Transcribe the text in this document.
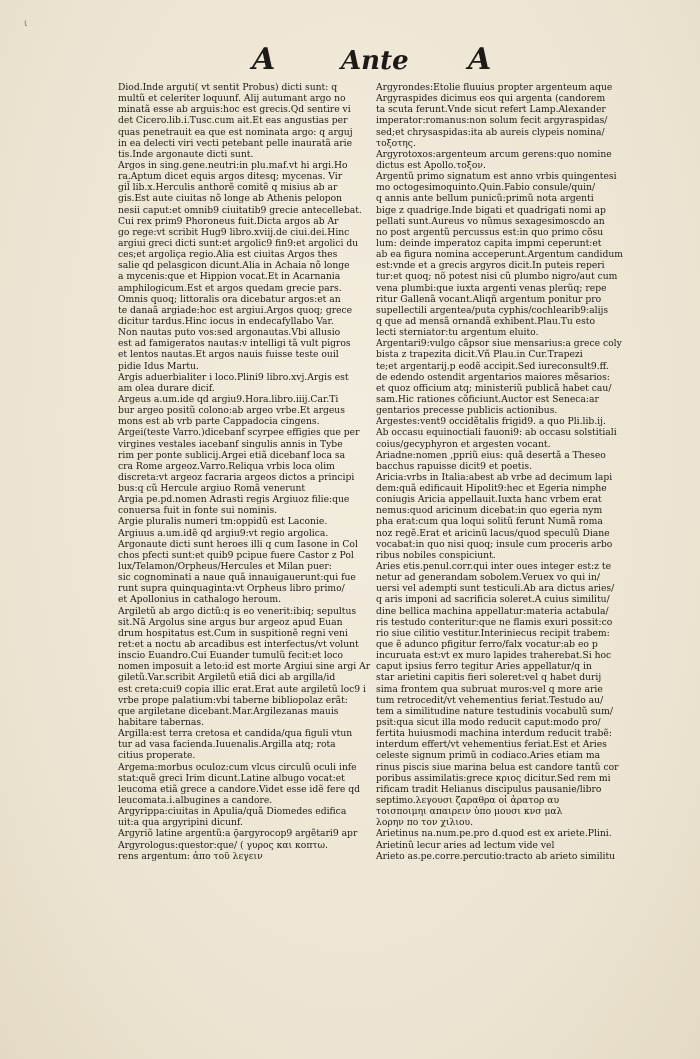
ι
A	Ante A
Diod.Inde arguti( vt sentit Probus) dicti sunt: q
multũ et celeriter loquunf. Alij autumant argo no
minatã esse ab arguis:hoc est grecis.Qd sentire vi
det Cicero.lib.i.Tusc.cum ait.Et eas angustias per
quas penetrauit ea que est nominata argo: q arguj
in ea delecti viri vecti petebant pelle inauratã arie
tis.Inde argonaute dicti sunt.
Argos in sing.gene.neutri:in plu.maf.vt hi argi.Ho
ra.Aptum dicet equis argos ditesq; mycenas. Vir
gil̃ lib.x.Herculis anthorẽ comitẽ q misius ab ar
gis.Est aute ciuitas nõ longe ab Athenis pelopon
nesii caput:et omnib9 ciuitatib9 grecie antecellebat.
Cui rex prim9 Phoroneus fuit.Dicta argos ab Ar
go rege:vt scribit Hug9 libro.xviij.de ciui.dei.Hinc
argiui greci dicti sunt:et argolic9 fin9:et argolici du
ces;et argoliça regio.Alia est ciuitas Argos thes
salie qd pelasgicon dicunt.Alia in Achaia nõ longe
a mycenis:que et Hippion vocat.Et in Acarnania
amphilogicum.Est et argos quedam grecie pars.
Omnis quoq; littoralis ora dicebatur argos:et an
te danaã argiade:hoc est argiui.Argos quoq; grece
dicitur tardus.Hinc iocus in endecafyllabo Var.
Non nautas puto vos:sed argonautas.Vbi allusio
est ad famigeratos nautas:v intelligi tã vult pigros
et lentos nautas.Et argos nauis fuisse teste ouil
pidie Idus Martu.
Argis aduerbialiter i loco.Plini9 libro.xvj.Argis est
am olea durare dicif.
Argeus a.um.ide qd argiu9.Hora.libro.iiij.Car.Ti
bur argeo positũ colono:ab argeo vrbe.Et argeus
mons est ab vrb parte Cappadocia cingens.
Argei(teste Varro.)dicebanf scyrpee effigies que per
virgines vestales iacebanf singulis annis in Tybe
rim per ponte sublicij.Argei etiã dicebanf loca sa
cra Rome argeoz.Varro.Reliqua vrbis loca olim
discreta:vt argeoz facraria argeos dictos a principi
bus:q cũ Hercule argiuo Romã venerunt
Argia pe.pd.nomen Adrasti regis Argiuoz filie:que
conuersa fuit in fonte sui nominis.
Argie pluralis numeri tm:oppidũ est Laconie.
Argiuus a.um.idẽ qd argiu9:vt regio argolica.
Argonaute dicti sunt heroes illi q cum Iasone in Col
chos pfecti sunt:et quib9 pcipue fuere Castor z Pol
lux/Telamon/Orpheus/Hercules et Milan puer:
sic cognominati a naue quã innauigauerunt:qui fue
runt supra quinquaginta:vt Orpheus libro primo/
et Apollonius in cathalogo heroum.
Argiletũ ab argo dictũ:q is eo venerit:ibiq; sepultus
sit.Nã Argolus sine argus bur argeoz apud Euan
drum hospitatus est.Cum in suspitionẽ regni veni
ret:et a noctu ab arcadibus est interfectus/vt volunt
inscio Euandro.Cui Euander tumulũ fecit:et loco
nomen imposuit a leto:id est morte Argiui sine argi Ar
giletũ.Var.scribit Argiletũ etiã dici ab argilla/id
est creta:cui9 copia illic erat.Erat aute argiletũ loc9 i
vrbe prope palatium:vbi taberne bibliopolaz erãt:
que argiletane dicebant.Mar.Argilezanas mauis
habitare tabernas.
Argilla:est terra cretosa et candida/qua figuli vtun
tur ad vasa facienda.Iuuenalis.Argilla atq; rota
citius properate.
Argema:morbus oculoz:cum vlcus circulũ oculi infe
stat:quẽ greci Irim dicunt.Latine albugo vocat:et
leucoma etiã grece a candore.Videt esse idẽ fere qd
leucomata.i.albugines a candore.
Argyrippa:ciuitas in Apulia/quã Diomedes edifica
uit:a qua argyripini dicunf.
Argyriõ latine argentũ:a ǭargyrocop9 argẽtari9 apr
Argyrologus:questor:que/ ( γυρος και κοπτω.
rens argentum: ἀπο τοῦ λεγειν
Argyrondes:Etolie fluuius propter argenteum aque
Argyraspides dicimus eos qui argenta (candorem
ta scuta ferunt.Vnde sicut refert Lamp.Alexander
imperator:romanus:non solum fecit argyraspidas/
sed;et chrysaspidas:ita ab aureis clypeis nomina/
τοξοτης.
Argyrotoxos:argenteum arcum gerens:quo nomine
dictus est Apollo.τοξον.
Argentũ primo signatum est anno vrbis quingentesi
mo octogesimoquinto.Quin.Fabio consule/quin/
q annis ante bellum punicũ:primũ nota argenti
bige z quadrige.Inde bigati et quadrigati nomi ap
pellati sunt.Aureus vo nũmus sexagesimoscdo an
no post argentũ percussus est:in quo primo cõsu
lum: deinde imperatoz capita impmi ceperunt:et
ab ea figura nomina acceperunt.Argentum candidum
est:vnde et a grecis argyros dicit.In puteis reperi
tur:et quoq; nõ potest nisi cũ plumbo nigro/aut cum
vena plumbi:que iuxta argenti venas plerũq; repe
ritur Gallenã vocant.Aliqñ argentum ponitur pro
supellectili argentea/puta cyphis/cochlearib9:alijs
q que ad mensã ornandã exhibent.Plau.Tu esto
lecti sterniator:tu argentum eluito.
Argentari9:vulgo cãpsor siue mensarius:a grece coly
bista z trapezita dicit.Vñ Plau.in Cur.Trapezi
te;et argentarij.p eodẽ accipit.Sed iureconsult9.ff.
de edendo ostendit argentarios maiores mẽsarios:
et quoz officium atq; ministeriũ publicã habet cau/
sam.Hic rationes cõficiunt.Auctor est Seneca:ar
gentarios precesse publicis actionibus.
Argestes:vent9 occidẽtalis frigid9. a quo Pli.lib.ij.
Ab occasu equinoctiali fauoni9: ab occasu solstitiali
coius/gecyphyron et argesten vocant.
Ariadne:nomen ,ppriũ eius: quã desertã a Theseo
bacchus rapuisse dicit9 et poetis.
Aricia:vrbs in Italia:abest ab vrbe ad decimum lapi
dem:quã edificauit Hipolit9:hec et Egeria nimphe
coniugis Aricia appellauit.Iuxta hanc vrbem erat
nemus:quod aricinum dicebat:in quo egeria nym
pha erat:cum qua loqui solitũ ferunt Numã roma
noz regẽ.Erat et aricinũ lacus/quod speculũ Diane
vocabat:in quo nisi quoq; insule cum proceris arbo
ribus nobiles conspiciunt.
Aries etis.penul.corr.qui inter oues integer est:z te
netur ad generandam sobolem.Veruex vo qui in/
uersi vel adempti sunt testiculi.Ab ara dictus aries/
q aris imponi ad sacrificia soleret.A cuius similitu/
dine bellica machina appellatur:materia actabula/
ris testudo conteritur:que ne flamis exuri possit:co
rio siue cilitio vestitur.Interiniecus recipit trabem:
que ẽ adunco pfigitur ferro/falx vocatur:ab eo p
incuruata est:vt ex muro lapides traherebat.Si hoc
caput ipsius ferro tegitur Aries appellatur/q in
star arietini capitis fieri soleret:vel q habet durij
sima frontem qua subruat muros:vel q more arie
tum retrocedit/vt vehementius feriat.Testudo au/
tem a similitudine nature testudinis vocabulũ sum/
psit:qua sicut illa modo reducit caput:modo pro/
fertita huiusmodi machina interdum reducit trabẽ:
interdum effert/vt vehementius feriat.Est et Aries
celeste signum primũ in codiaco.Aries etiam ma
rinus piscis siue marina belua est candore tantũ cor
poribus assimilatis:grece κριος dicitur.Sed rem mi
rificam tradit Helianus discipulus pausanie/libro
septimo.λεγουσι ζαραθρα οἱ ἀρατορ αυ
τοισποιμηι απαιρειν ὑπο μουσι κνσ μαλ
λορην πο τον χιλιου.
Arietinus na.num.pe.pro d.quod est ex ariete.Plini.
Arietinũ lecur aries ad lectum vide vel
Arieto as.pe.corre.percutio:tracto ab arieto similitu
